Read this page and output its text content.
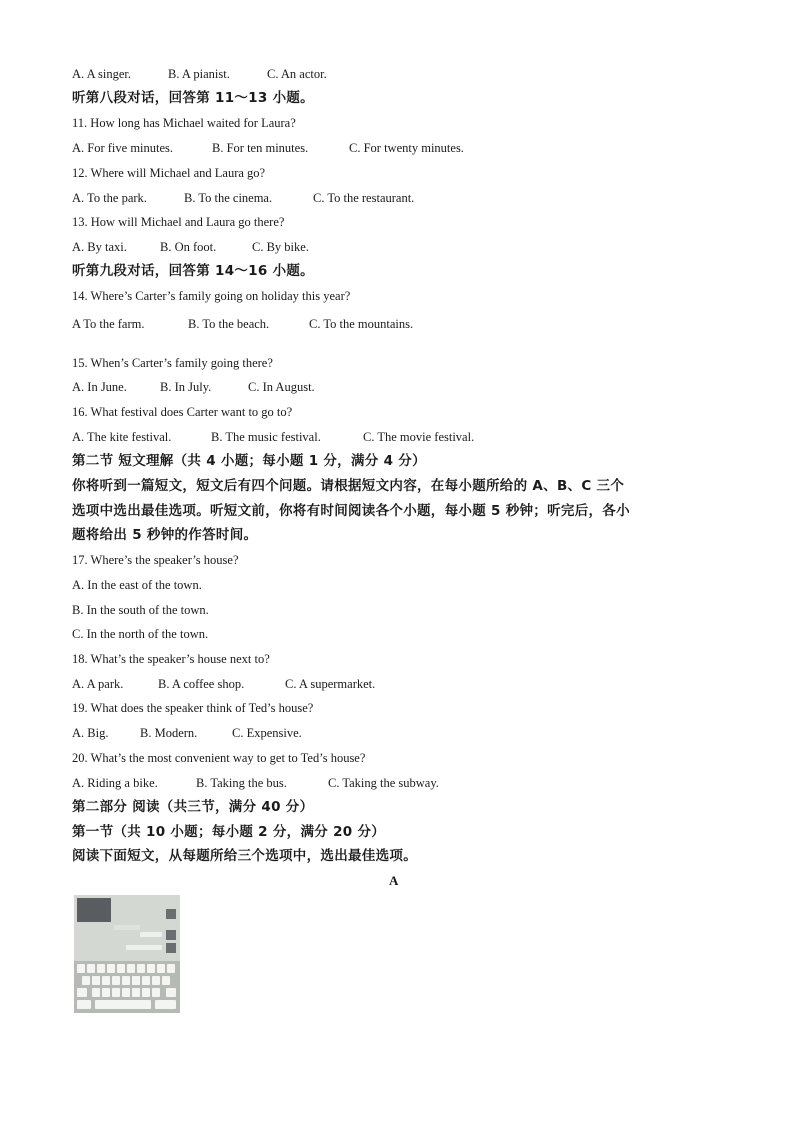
A. A singer.	B. A pianist.	C. An actor.
听第八段对话，回答第 11～13 小题。
11. How long has Michael waited for Laura?
A. For five minutes.	B. For ten minutes.	C. For twenty minutes.
12. Where will Michael and Laura go?
A. To the park.	B. To the cinema.	C. To the restaurant.
13. How will Michael and Laura go there?
A. By taxi.	B. On foot.	C. By bike.
听第九段对话，回答第 14～16 小题。
14. Where’s Carter’s family going on holiday this year?
A To the farm.	B. To the beach.	C. To the mountains.
15. When’s Carter’s family going there?
A. In June.	B. In July.	C. In August.
16. What festival does Carter want to go to?
A. The kite festival.	B. The music festival.	C. The movie festival.
第二节 短文理解（共 4 小题；每小题 1 分，满分 4 分）
你将听到一篇短文，短文后有四个问题。请根据短文内容，在每小题所给的 A、B、C 三个
选项中选出最佳选项。听短文前，你将有时间阅读各个小题，每小题 5 秒钟；听完后，各小
题将给出 5 秒钟的作答时间。
17. Where’s the speaker’s house?
A. In the east of the town.
B. In the south of the town.
C. In the north of the town.
18. What’s the speaker’s house next to?
A. A park.	B. A coffee shop.	C. A supermarket.
19. What does the speaker think of Ted’s house?
A. Big.	B. Modern.	C. Expensive.
20. What’s the most convenient way to get to Ted’s house?
A. Riding a bike.	B. Taking the bus.	C. Taking the subway.
第二部分 阅读（共三节，满分 40 分）
第一节（共 10 小题；每小题 2 分，满分 20 分）
阅读下面短文，从每题所给三个选项中，选出最佳选项。
A
